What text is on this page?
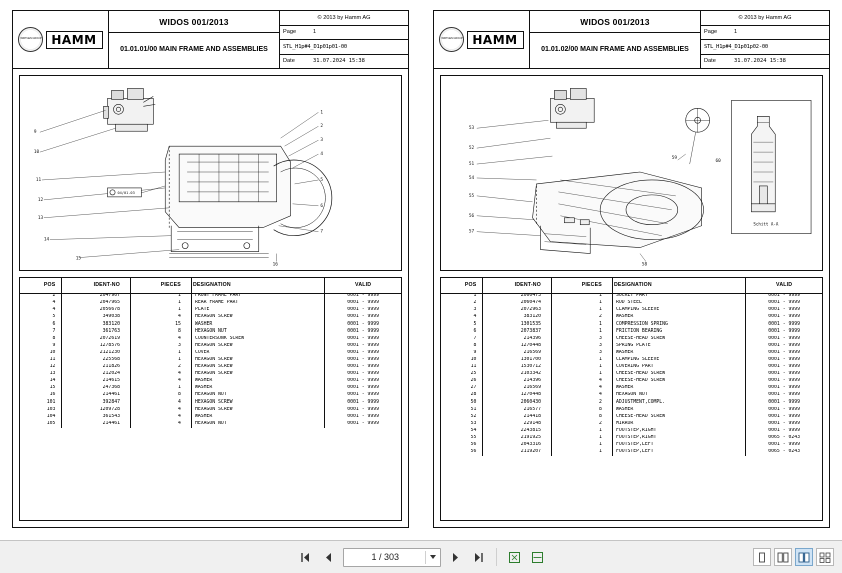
WIRTGEN GROUP HAMM
WIDOS 001/2013
01.01.01/00 MAIN FRAME AND ASSEMBLIES
© 2013 by Hamm AG
Page	1
STL_H1p#4_D1p01p01-00
Date	31.07.2024 15:38
9
10
11
12
13
14
15
1
2
3
4
5
6
7
16
04/01.03
POS	IDENT-NO	PIECES	DESIGNATION	VALID
2	2047907	1	FRONT FRAME PART	0001 - 9999
4	2047965	1	REAR FRAME PART	0001 - 9999
4	2056678	1	PLATE	0001 - 9999
5	349038	4	HEXAGON SCREW	0001 - 9999
6	383120	15	WASHER	0001 - 9999
7	361763	8	HEXAGON NUT	0001 - 9999
8	2072619	4	COUNTERSUNK SCREW	0001 - 9999
9	1278576	3	HEXAGON SCREW	0001 - 9999
10	2121230	1	COVER	0001 - 9999
11	225568	1	HEXAGON SCREW	0001 - 9999
12	211826	2	HEXAGON SCREW	0001 - 9999
13	212024	4	HEXAGON SCREW	0001 - 9999
14	214615	4	WASHER	0001 - 9999
15	247368	1	WASHER	0001 - 9999
16	214461	8	HEXAGON NUT	0001 - 9999
101	392847	4	HEXAGON SCREW	0001 - 9999
103	1209728	4	HEXAGON SCREW	0001 - 9999
104	361543	4	WASHER	0001 - 9999
105	214461	4	HEXAGON NUT	0001 - 9999
WIRTGEN GROUP HAMM
WIDOS 001/2013
01.01.02/00 MAIN FRAME AND ASSEMBLIES
© 2013 by Hamm AG
Page	1
STL_H1p#4_D1p01p02-00
Date	31.07.2024 15:38
53
52
51
54
55
56
57
58
59
60
Schitt A-A
POS	IDENT-NO	PIECES	DESIGNATION	VALID
1	2060473	1	SOCKET PART	0001 - 9999
2	2060474	1	ROD STEEL	0001 - 9999
3	2072963	1	CLAMPING SLEEVE	0001 - 9999
4	383120	2	WASHER	0001 - 9999
5	1301535	1	COMPRESSION SPRING	0001 - 9999
6	2073837	1	FRICTION BEARING	0001 - 9999
7	214396	3	CHEESE-HEAD SCREW	0001 - 9999
8	1270448	3	SPRING PLATE	0001 - 9999
9	216569	3	WASHER	0001 - 9999
10	1301700	1	CLAMPING SLEEVE	0001 - 9999
11	1530712	1	COVERING PART	0001 - 9999
25	2103342	1	CHEESE-HEAD SCREW	0001 - 9999
26	214396	4	CHEESE-HEAD SCREW	0001 - 9999
27	216569	4	WASHER	0001 - 9999
28	1270448	4	HEXAGON NUT	0001 - 9999
50	2060430	2	ADJUSTMENT,COMPL.	0001 - 9999
51	216577	8	WASHER	0001 - 9999
52	214418	8	CHEESE-HEAD SCREW	0001 - 9999
53	229148	2	MIRROR	0001 - 9999
54	2243815	1	FOOTSTEP,RIGHT	0001 - 9999
55	2191925	1	FOOTSTEP,RIGHT	0065 - 0243
56	2043316	1	FOOTSTEP,LEFT	0001 - 9999
56	2119207	1	FOOTSTEP,LEFT	0065 - 0243
1 / 303
